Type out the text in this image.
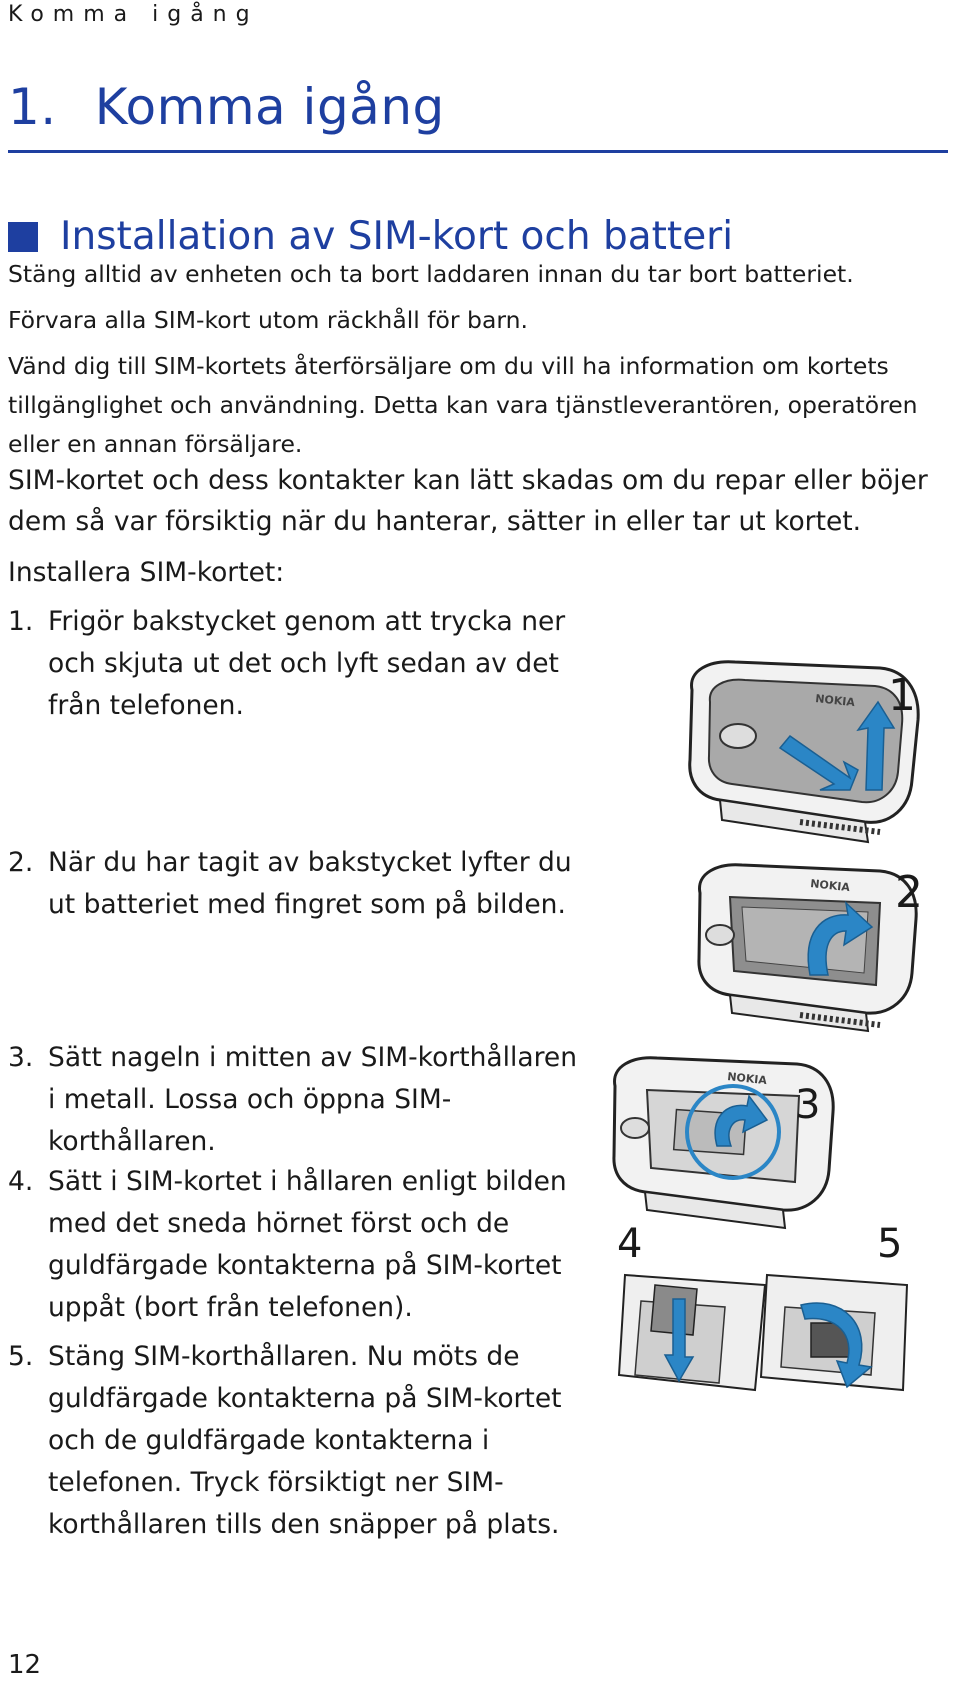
Komma igång
1. Komma igång
Installation av SIM-kort och batteri

Stäng alltid av enheten och ta bort laddaren innan du tar bort batteriet.

Förvara alla SIM-kort utom räckhåll för barn.

Vänd dig till SIM-kortets återförsäljare om du vill ha information om kortets tillgänglighet och användning. Detta kan vara tjänstleverantören, operatören eller en annan försäljare.

SIM-kortet och dess kontakter kan lätt skadas om du repar eller böjer dem så var försiktig när du hanterar, sätter in eller tar ut kortet.

Installera SIM-kortet:

1. Frigör bakstycket genom att trycka ner och skjuta ut det och lyft sedan av det från telefonen.
2. När du har tagit av bakstycket lyfter du ut batteriet med fingret som på bilden.
3. Sätt nageln i mitten av SIM-korthållaren i metall. Lossa och öppna SIM-korthållaren.
4. Sätt i SIM-kortet i hållaren enligt bilden med det sneda hörnet först och de guldfärgade kontakterna på SIM-kortet uppåt (bort från telefonen).
5. Stäng SIM-korthållaren. Nu möts de guldfärgade kontakterna på SIM-kortet och de guldfärgade kontakterna i telefonen. Tryck försiktigt ner SIM-korthållaren tills den snäpper på plats.
NOKIA 1
NOKIA 2
NOKIA
3
4	5
12
